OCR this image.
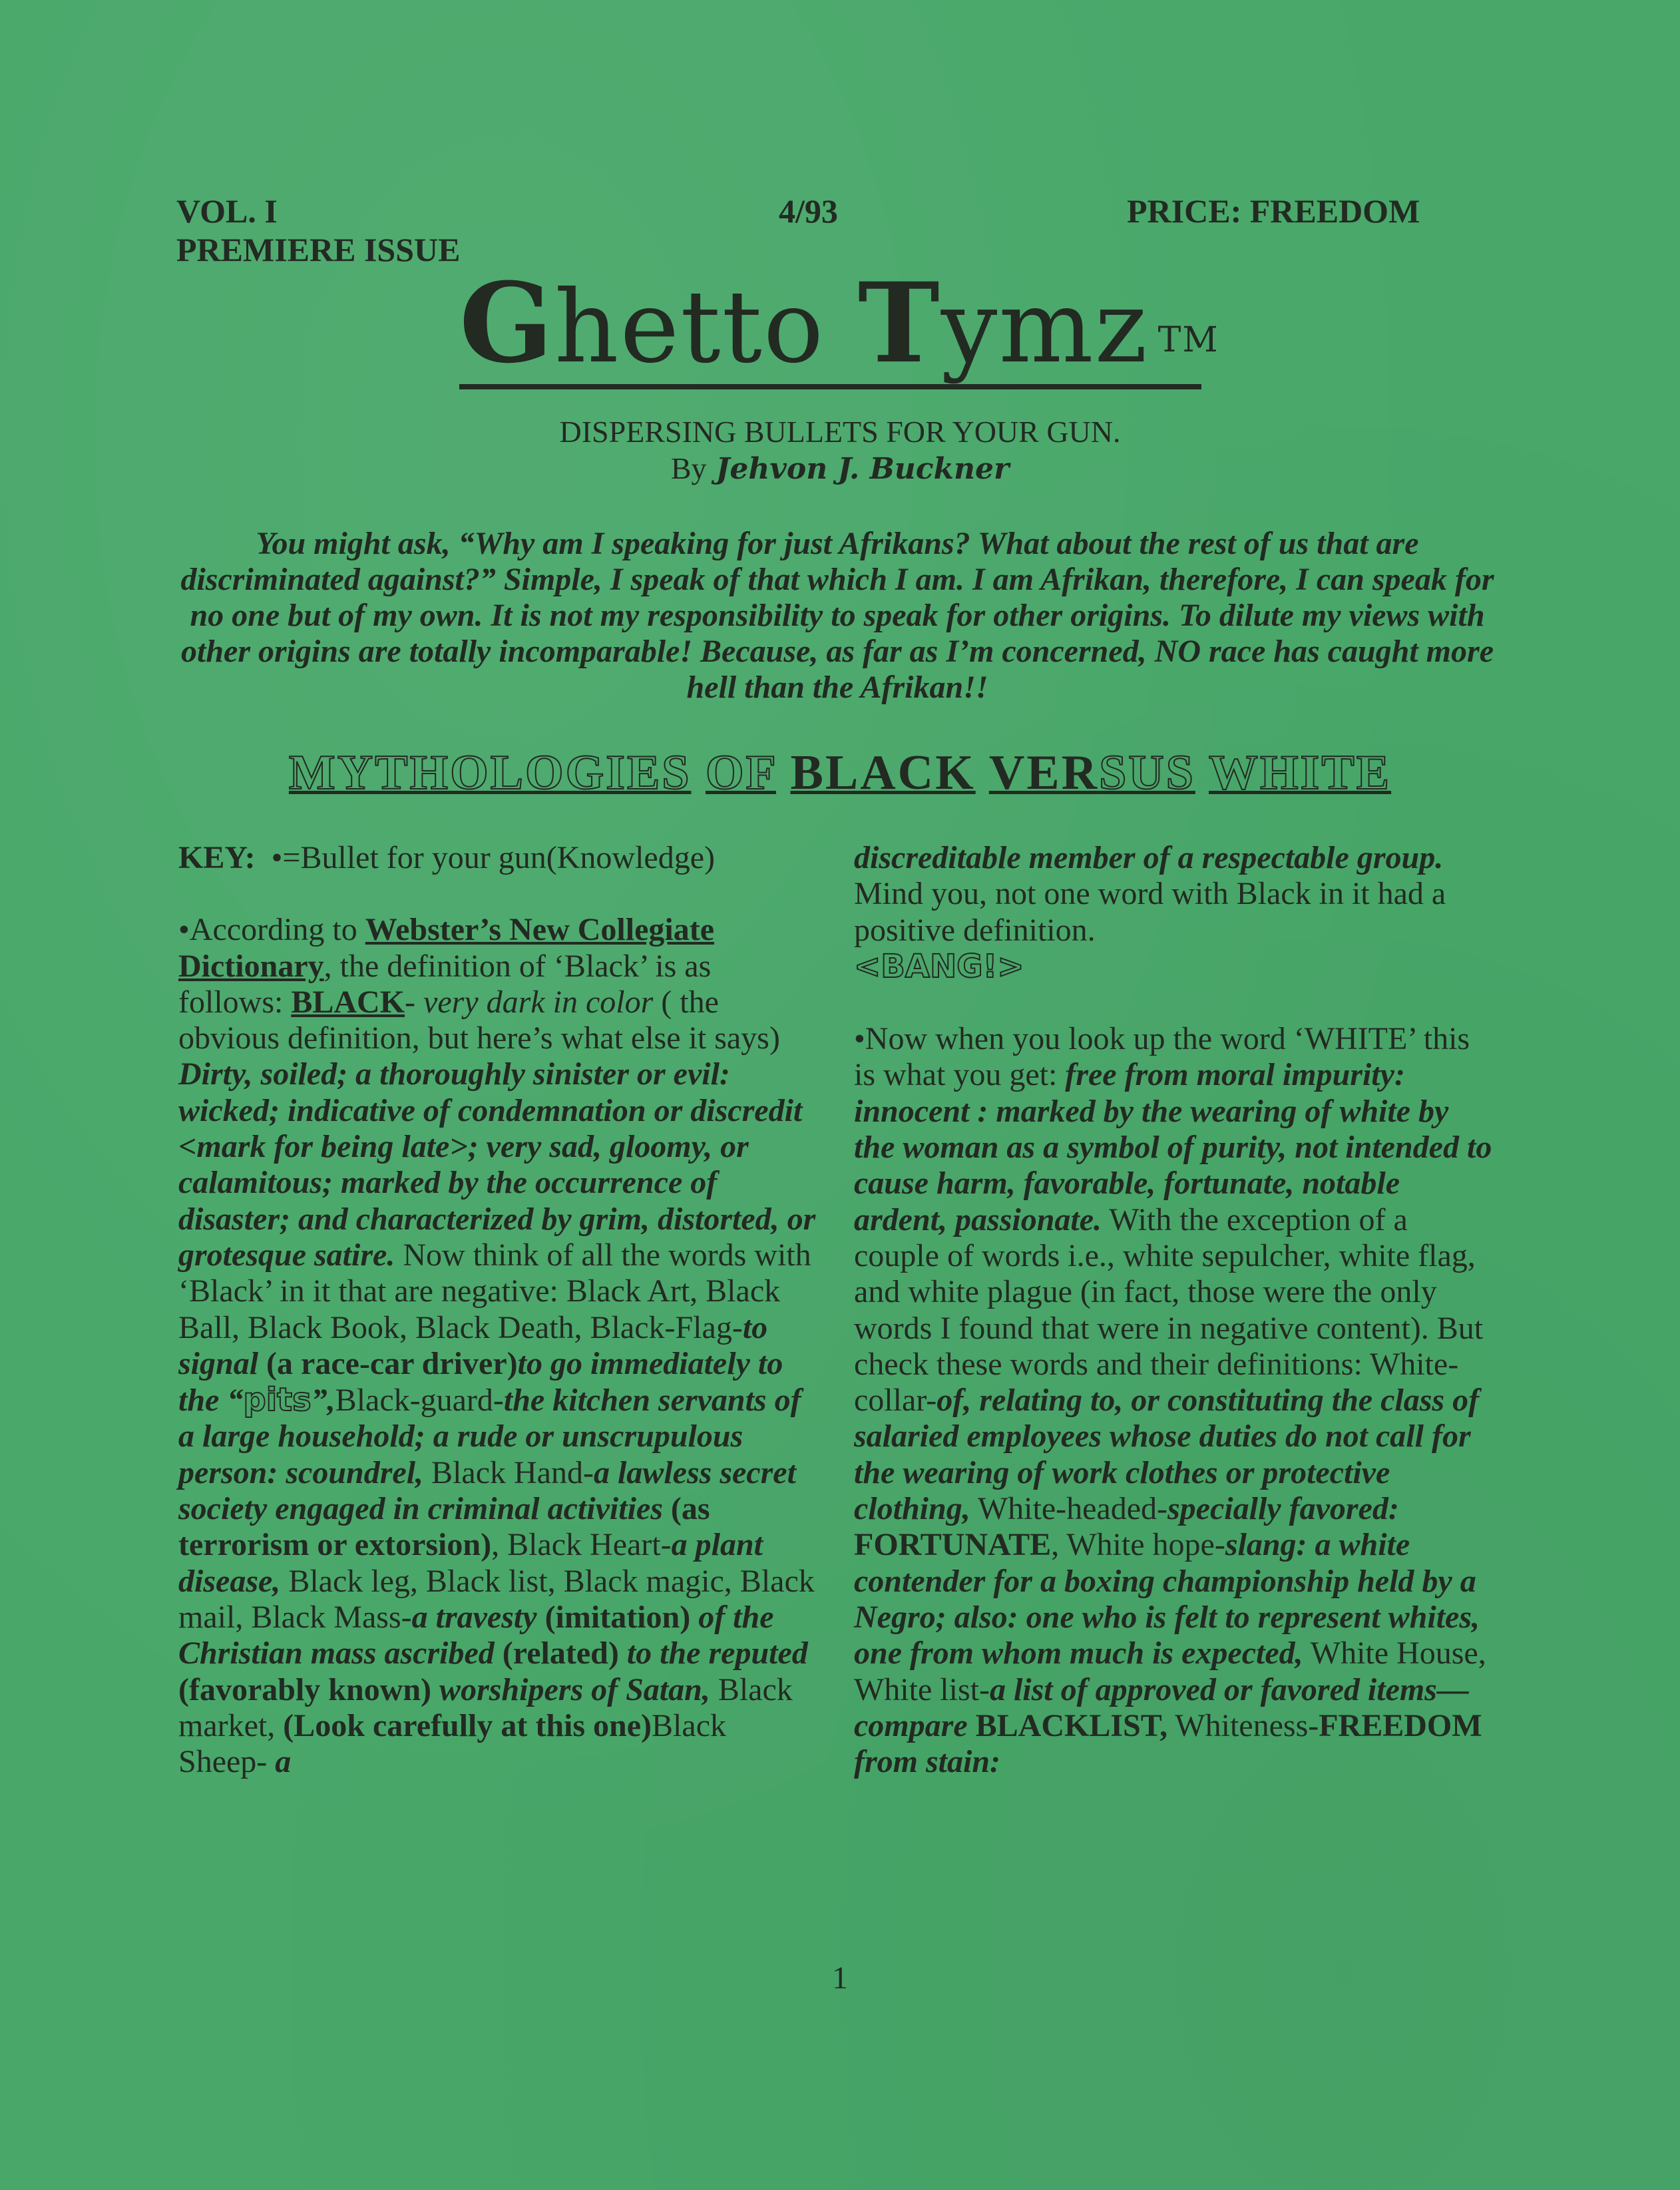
VOL. I
PREMIERE ISSUE
4/93	PRICE: FREEDOM
Ghetto Tymz ™
DISPERSING BULLETS FOR YOUR GUN.
By Jehvon J. Buckner
You might ask, “Why am I speaking for just Afrikans? What about the rest of us that are discriminated against?” Simple, I speak of that which I am. I am Afrikan, therefore, I can speak for no one but of my own. It is not my responsibility to speak for other origins. To dilute my views with other origins are totally incomparable! Because, as far as I’m concerned, NO race has caught more hell than the Afrikan!!
MYTHOLOGIES OF BLACK VERSUS WHITE

KEY: •=Bullet for your gun(Knowledge)

•According to Webster’s New Collegiate Dictionary, the definition of ‘Black’ is as follows: BLACK- very dark in color ( the obvious definition, but here’s what else it says) Dirty, soiled; a thoroughly sinister or evil: wicked; indicative of condemnation or discredit <mark for being late>; very sad, gloomy, or calamitous; marked by the occurrence of disaster; and characterized by grim, distorted, or grotesque satire. Now think of all the words with ‘Black’ in it that are negative: Black Art, Black Ball, Black Book, Black Death, Black-Flag-to signal (a race-car driver)to go immediately to the “pits”,Black-guard-the kitchen servants of a large household; a rude or unscrupulous person: scoundrel, Black Hand-a lawless secret society engaged in criminal activities (as terrorism or extorsion), Black Heart-a plant disease, Black leg, Black list, Black magic, Black mail, Black Mass-a travesty (imitation) of the Christian mass ascribed (related) to the reputed (favorably known) worshipers of Satan, Black market, (Look carefully at this one)Black Sheep- a

discreditable member of a respectable group. Mind you, not one word with Black in it had a positive definition.
<BANG!>

•Now when you look up the word ‘WHITE’ this is what you get: free from moral impurity: innocent : marked by the wearing of white by the woman as a symbol of purity, not intended to cause harm, favorable, fortunate, notable ardent, passionate. With the exception of a couple of words i.e., white sepulcher, white flag, and white plague (in fact, those were the only words I found that were in negative content). But check these words and their definitions: White-collar-of, relating to, or constituting the class of salaried employees whose duties do not call for the wearing of work clothes or protective clothing, White-headed-specially favored: FORTUNATE, White hope-slang: a white contender for a boxing championship held by a Negro; also: one who is felt to represent whites, one from whom much is expected, White House, White list-a list of approved or favored items— compare BLACKLIST, Whiteness-FREEDOM from stain:

1
